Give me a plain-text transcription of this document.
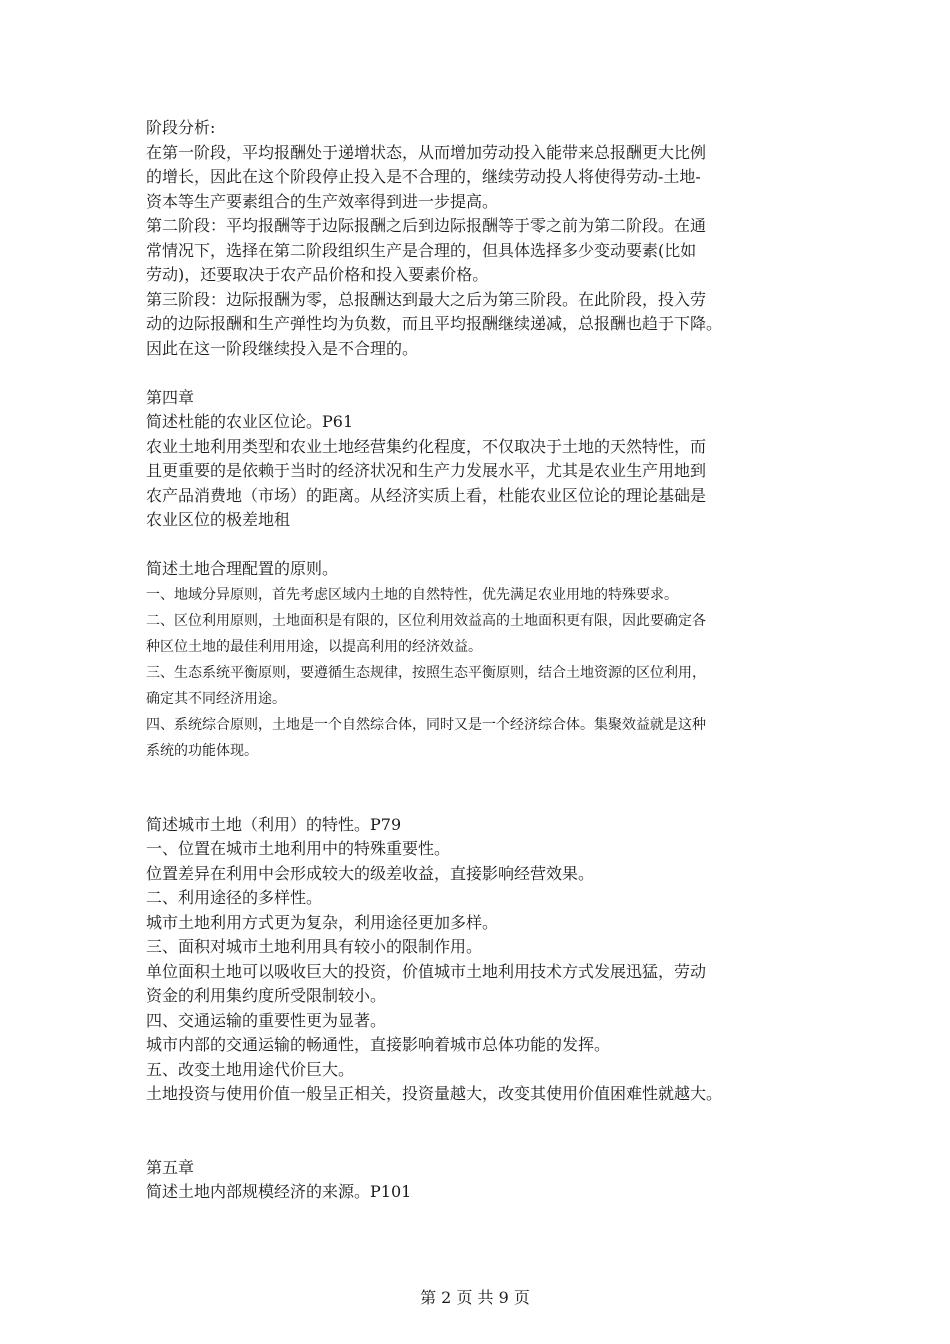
阶段分析:
在第一阶段，平均报酬处于递增状态，从而增加劳动投入能带来总报酬更大比例
的增长，因此在这个阶段停止投入是不合理的，继续劳动投人将使得劳动-土地-
资本等生产要素组合的生产效率得到进一步提高。
第二阶段：平均报酬等于边际报酬之后到边际报酬等于零之前为第二阶段。在通
常情况下，选择在第二阶段组织生产是合理的，但具体选择多少变动要素(比如
劳动)，还要取决于农产品价格和投入要素价格。
第三阶段：边际报酬为零，总报酬达到最大之后为第三阶段。在此阶段，投入劳
动的边际报酬和生产弹性均为负数，而且平均报酬继续递减，总报酬也趋于下降。
因此在这一阶段继续投入是不合理的。
第四章
简述杜能的农业区位论。P61
农业土地利用类型和农业土地经营集约化程度，不仅取决于土地的天然特性，而
且更重要的是依赖于当时的经济状况和生产力发展水平，尤其是农业生产用地到
农产品消费地（市场）的距离。从经济实质上看，杜能农业区位论的理论基础是
农业区位的极差地租
简述土地合理配置的原则。
一、地域分异原则，首先考虑区域内土地的自然特性，优先满足农业用地的特殊要求。
二、区位利用原则，土地面积是有限的，区位利用效益高的土地面积更有限，因此要确定各
种区位土地的最佳利用用途，以提高利用的经济效益。
三、生态系统平衡原则，要遵循生态规律，按照生态平衡原则，结合土地资源的区位利用，
确定其不同经济用途。
四、系统综合原则，土地是一个自然综合体，同时又是一个经济综合体。集聚效益就是这种
系统的功能体现。
简述城市土地（利用）的特性。P79
一、位置在城市土地利用中的特殊重要性。
位置差异在利用中会形成较大的级差收益，直接影响经营效果。
二、利用途径的多样性。
城市土地利用方式更为复杂，利用途径更加多样。
三、面积对城市土地利用具有较小的限制作用。
单位面积土地可以吸收巨大的投资，价值城市土地利用技术方式发展迅猛，劳动
资金的利用集约度所受限制较小。
四、交通运输的重要性更为显著。
城市内部的交通运输的畅通性，直接影响着城市总体功能的发挥。
五、改变土地用途代价巨大。
土地投资与使用价值一般呈正相关，投资量越大，改变其使用价值困难性就越大。
第五章
简述土地内部规模经济的来源。P101
第 2 页 共 9 页
